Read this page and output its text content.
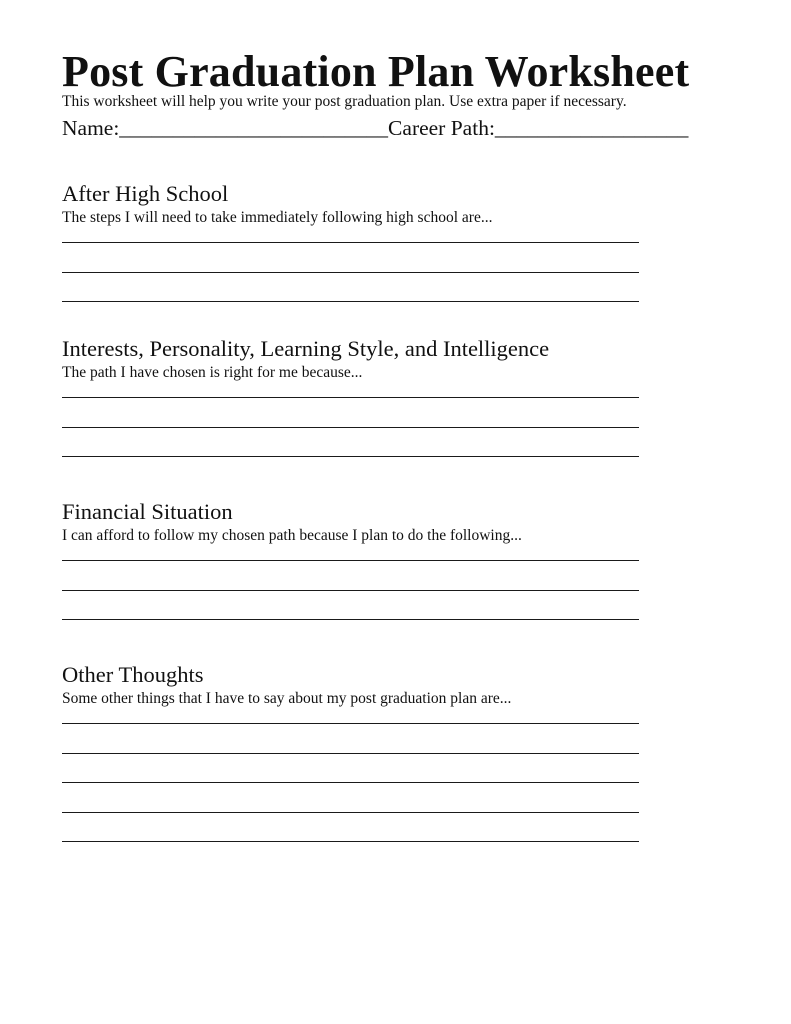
Post Graduation Plan Worksheet
This worksheet will help you write your post graduation plan. Use extra paper if necessary.
Name:_________________________Career Path:__________________
After High School
The steps I will need to take immediately following high school are...
Interests, Personality, Learning Style, and Intelligence
The path I have chosen is right for me because...
Financial Situation
I can afford to follow my chosen path because I plan to do the following...
Other Thoughts
Some other things that I have to say about my post graduation plan are...
